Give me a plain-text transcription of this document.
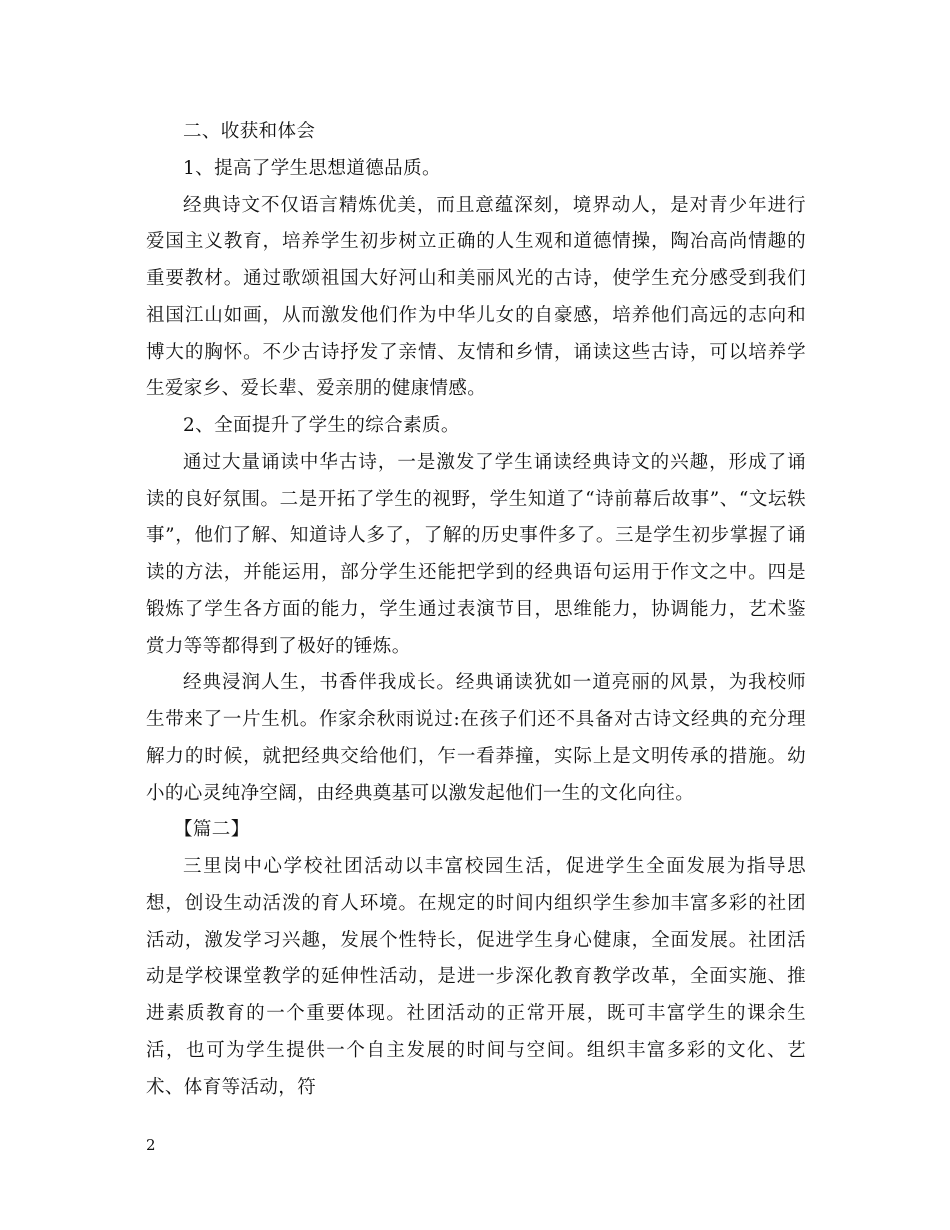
二、收获和体会

1、提高了学生思想道德品质。

经典诗文不仅语言精炼优美，而且意蕴深刻，境界动人，是对青少年进行爱国主义教育，培养学生初步树立正确的人生观和道德情操，陶冶高尚情趣的重要教材。通过歌颂祖国大好河山和美丽风光的古诗，使学生充分感受到我们祖国江山如画，从而激发他们作为中华儿女的自豪感，培养他们高远的志向和博大的胸怀。不少古诗抒发了亲情、友情和乡情，诵读这些古诗，可以培养学生爱家乡、爱长辈、爱亲朋的健康情感。

2、全面提升了学生的综合素质。

通过大量诵读中华古诗，一是激发了学生诵读经典诗文的兴趣，形成了诵读的良好氛围。二是开拓了学生的视野，学生知道了“诗前幕后故事”、“文坛轶事”，他们了解、知道诗人多了，了解的历史事件多了。三是学生初步掌握了诵读的方法，并能运用，部分学生还能把学到的经典语句运用于作文之中。四是锻炼了学生各方面的能力，学生通过表演节目，思维能力，协调能力，艺术鉴赏力等等都得到了极好的锤炼。

经典浸润人生，书香伴我成长。经典诵读犹如一道亮丽的风景，为我校师生带来了一片生机。作家余秋雨说过:在孩子们还不具备对古诗文经典的充分理解力的时候，就把经典交给他们，乍一看莽撞，实际上是文明传承的措施。幼小的心灵纯净空阔，由经典奠基可以激发起他们一生的文化向往。

【篇二】

三里岗中心学校社团活动以丰富校园生活，促进学生全面发展为指导思想，创设生动活泼的育人环境。在规定的时间内组织学生参加丰富多彩的社团活动，激发学习兴趣，发展个性特长，促进学生身心健康，全面发展。社团活动是学校课堂教学的延伸性活动，是进一步深化教育教学改革，全面实施、推进素质教育的一个重要体现。社团活动的正常开展，既可丰富学生的课余生活，也可为学生提供一个自主发展的时间与空间。组织丰富多彩的文化、艺术、体育等活动，符

2
